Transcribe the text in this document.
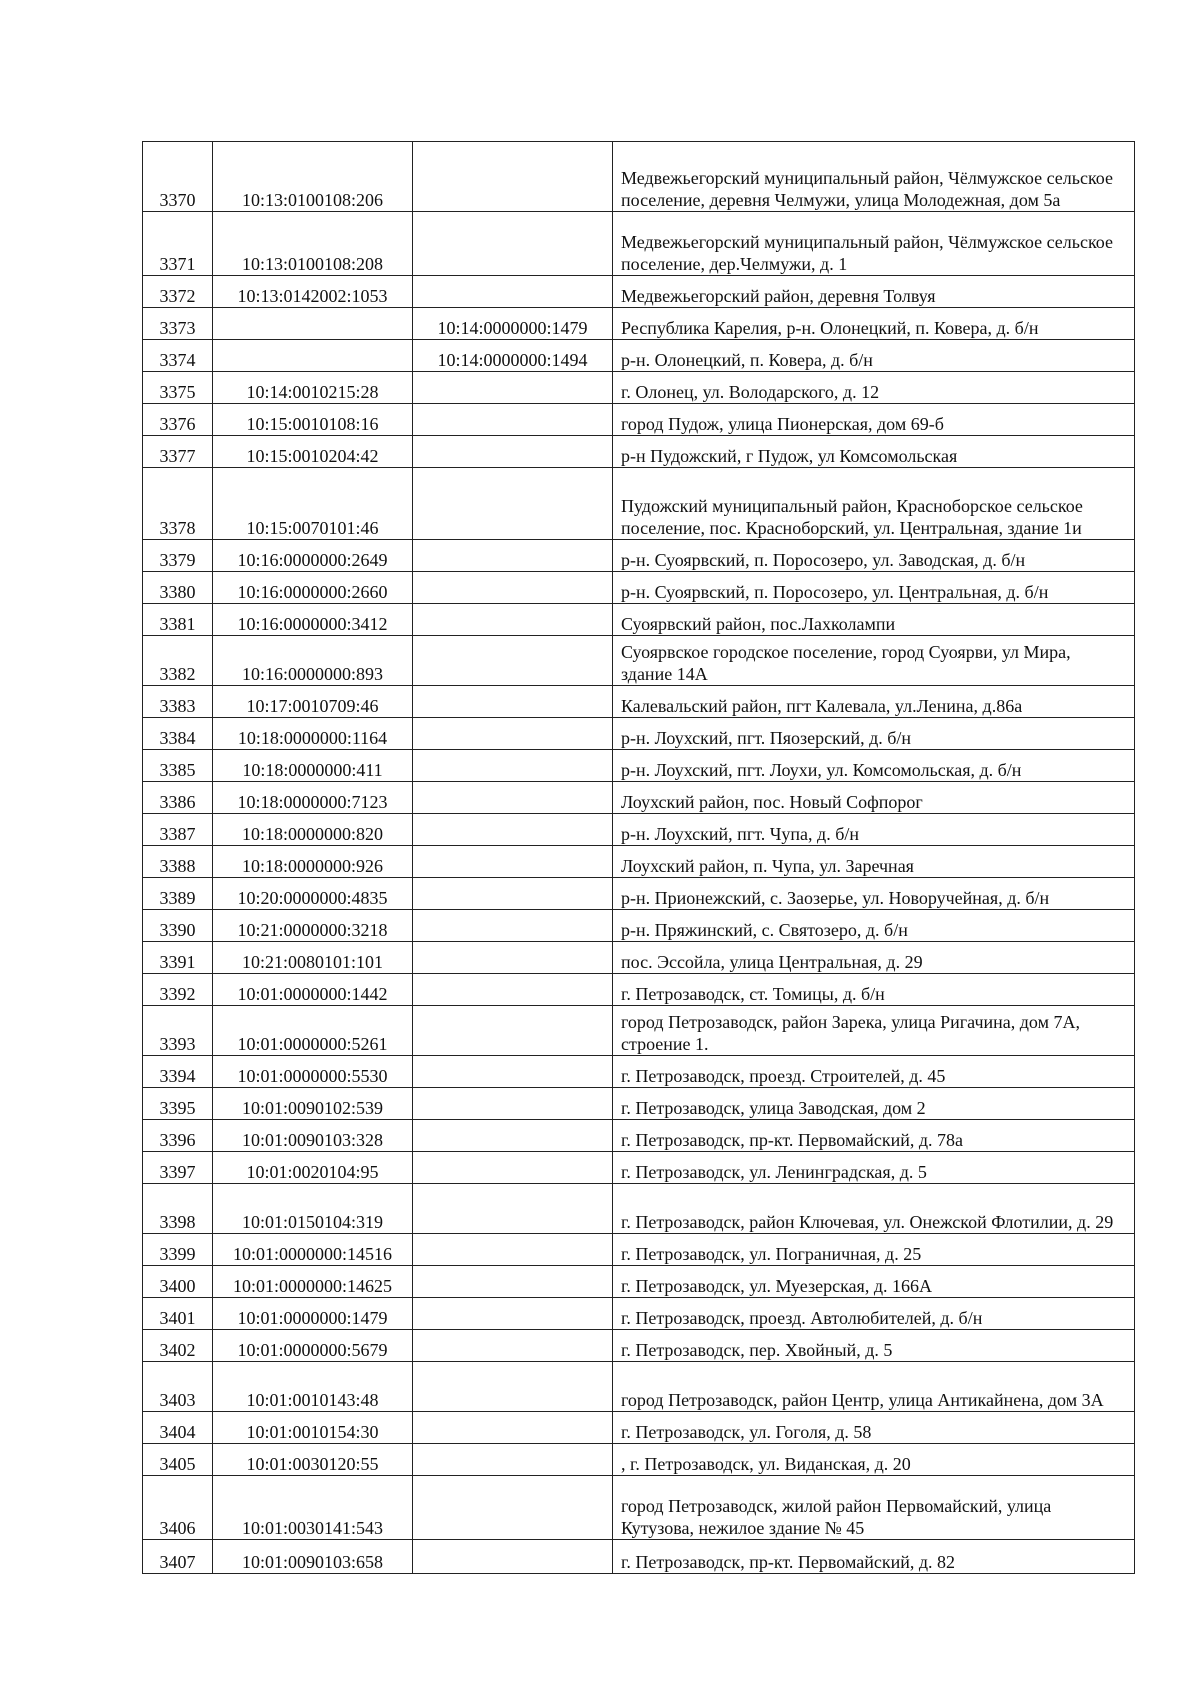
3370	10:13:0100108:206		Медвежьегорский муниципальный район, Чёлмужское сельское поселение, деревня Челмужи, улица Молодежная, дом 5а
3371	10:13:0100108:208		Медвежьегорский муниципальный район, Чёлмужское сельское поселение, дер.Челмужи, д. 1
3372	10:13:0142002:1053		Медвежьегорский район, деревня Толвуя
3373		10:14:0000000:1479	Республика Карелия, р-н. Олонецкий, п. Ковера, д. б/н
3374		10:14:0000000:1494	р-н. Олонецкий, п. Ковера, д. б/н
3375	10:14:0010215:28		г. Олонец, ул. Володарского, д. 12
3376	10:15:0010108:16		город Пудож, улица Пионерская, дом 69-б
3377	10:15:0010204:42		р-н Пудожский, г Пудож, ул Комсомольская
3378	10:15:0070101:46		Пудожский муниципальный район, Красноборское сельское поселение, пос. Красноборский, ул. Центральная, здание 1и
3379	10:16:0000000:2649		р-н. Суоярвский, п. Поросозеро, ул. Заводская, д. б/н
3380	10:16:0000000:2660		р-н. Суоярвский, п. Поросозеро, ул. Центральная, д. б/н
3381	10:16:0000000:3412		Суоярвский район, пос.Лахколампи
3382	10:16:0000000:893		Суоярвское городское поселение, город Суоярви, ул Мира, здание 14А
3383	10:17:0010709:46		Калевальский район, пгт Калевала, ул.Ленина, д.86а
3384	10:18:0000000:1164		р-н. Лоухский, пгт. Пяозерский, д. б/н
3385	10:18:0000000:411		р-н. Лоухский, пгт. Лоухи, ул. Комсомольская, д. б/н
3386	10:18:0000000:7123		Лоухский район, пос. Новый Софпорог
3387	10:18:0000000:820		р-н. Лоухский, пгт. Чупа, д. б/н
3388	10:18:0000000:926		Лоухский район, п. Чупа, ул. Заречная
3389	10:20:0000000:4835		р-н. Прионежский, с. Заозерье, ул. Новоручейная, д. б/н
3390	10:21:0000000:3218		р-н. Пряжинский, с. Святозеро, д. б/н
3391	10:21:0080101:101		пос. Эссойла, улица Центральная, д. 29
3392	10:01:0000000:1442		г. Петрозаводск, ст. Томицы, д. б/н
3393	10:01:0000000:5261		город Петрозаводск, район Зарека, улица Ригачина, дом 7А, строение 1.
3394	10:01:0000000:5530		г. Петрозаводск, проезд. Строителей, д. 45
3395	10:01:0090102:539		г. Петрозаводск, улица Заводская, дом 2
3396	10:01:0090103:328		г. Петрозаводск, пр-кт. Первомайский, д. 78а
3397	10:01:0020104:95		г. Петрозаводск, ул. Ленинградская, д. 5
3398	10:01:0150104:319		г. Петрозаводск, район Ключевая, ул. Онежской Флотилии, д. 29
3399	10:01:0000000:14516		г. Петрозаводск, ул. Пограничная, д. 25
3400	10:01:0000000:14625		г. Петрозаводск, ул. Муезерская, д. 166А
3401	10:01:0000000:1479		г. Петрозаводск, проезд. Автолюбителей, д. б/н
3402	10:01:0000000:5679		г. Петрозаводск, пер. Хвойный, д. 5
3403	10:01:0010143:48		город Петрозаводск, район Центр, улица Антикайнена, дом 3А
3404	10:01:0010154:30		г. Петрозаводск, ул. Гоголя, д. 58
3405	10:01:0030120:55		, г. Петрозаводск, ул. Виданская, д. 20
3406	10:01:0030141:543		город Петрозаводск, жилой район Первомайский, улица Кутузова, нежилое здание № 45
3407	10:01:0090103:658		г. Петрозаводск, пр-кт. Первомайский, д. 82
